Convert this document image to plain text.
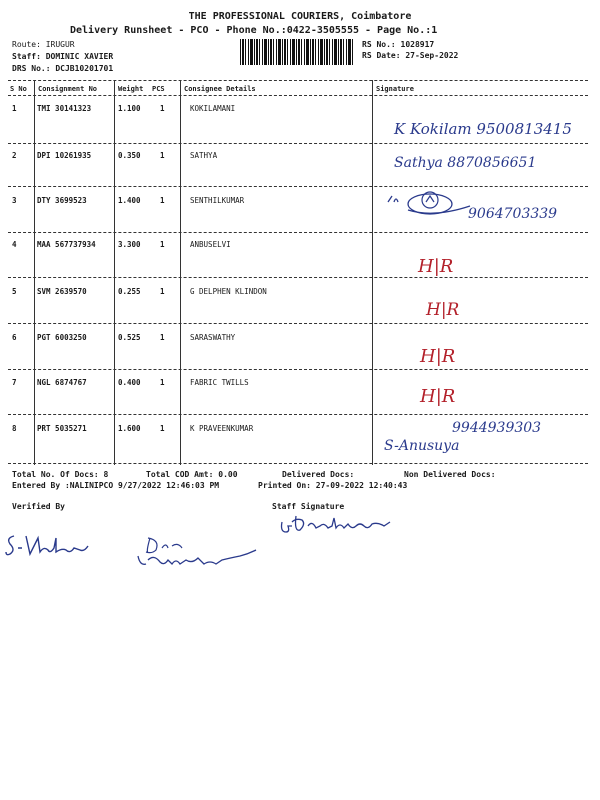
THE PROFESSIONAL COURIERS, Coimbatore
Delivery Runsheet - PCO - Phone No.:0422-3505555 - Page No.:1
Route: IRUGUR
Staff: DOMINIC XAVIER
DRS No.: DCJB10201701
RS No.: 1028917
RS Date: 27-Sep-2022
S No Consignment No	Weight PCS	Consignee Details	Signature
1	TMI 30141323	1.100	1	KOKILAMANI
K Kokilam 9500813415
2	DPI 10261935	0.350	1	SATHYA	Sathya 8870856651
3	DTY 3699523	1.400	1	SENTHILKUMAR
9064703339
4	MAA 567737934	3.300	1	ANBUSELVI
H|R
5	SVM 2639570	0.255	1	G DELPHEN KLINDON
H|R
6	PGT 6003250	0.525	1	SARASWATHY
H|R
7	NGL 6874767	0.400	1	FABRIC TWILLS
H|R
8	PRT 5035271	1.600	1	K PRAVEENKUMAR	9944939303
S-Anusuya
Total No. Of Docs: 8	Total COD Amt: 0.00	Delivered Docs:	Non Delivered Docs:
Entered By :NALINIPCO 9/27/2022 12:46:03 PM	Printed On: 27-09-2022 12:40:43
Verified By	Staff Signature
